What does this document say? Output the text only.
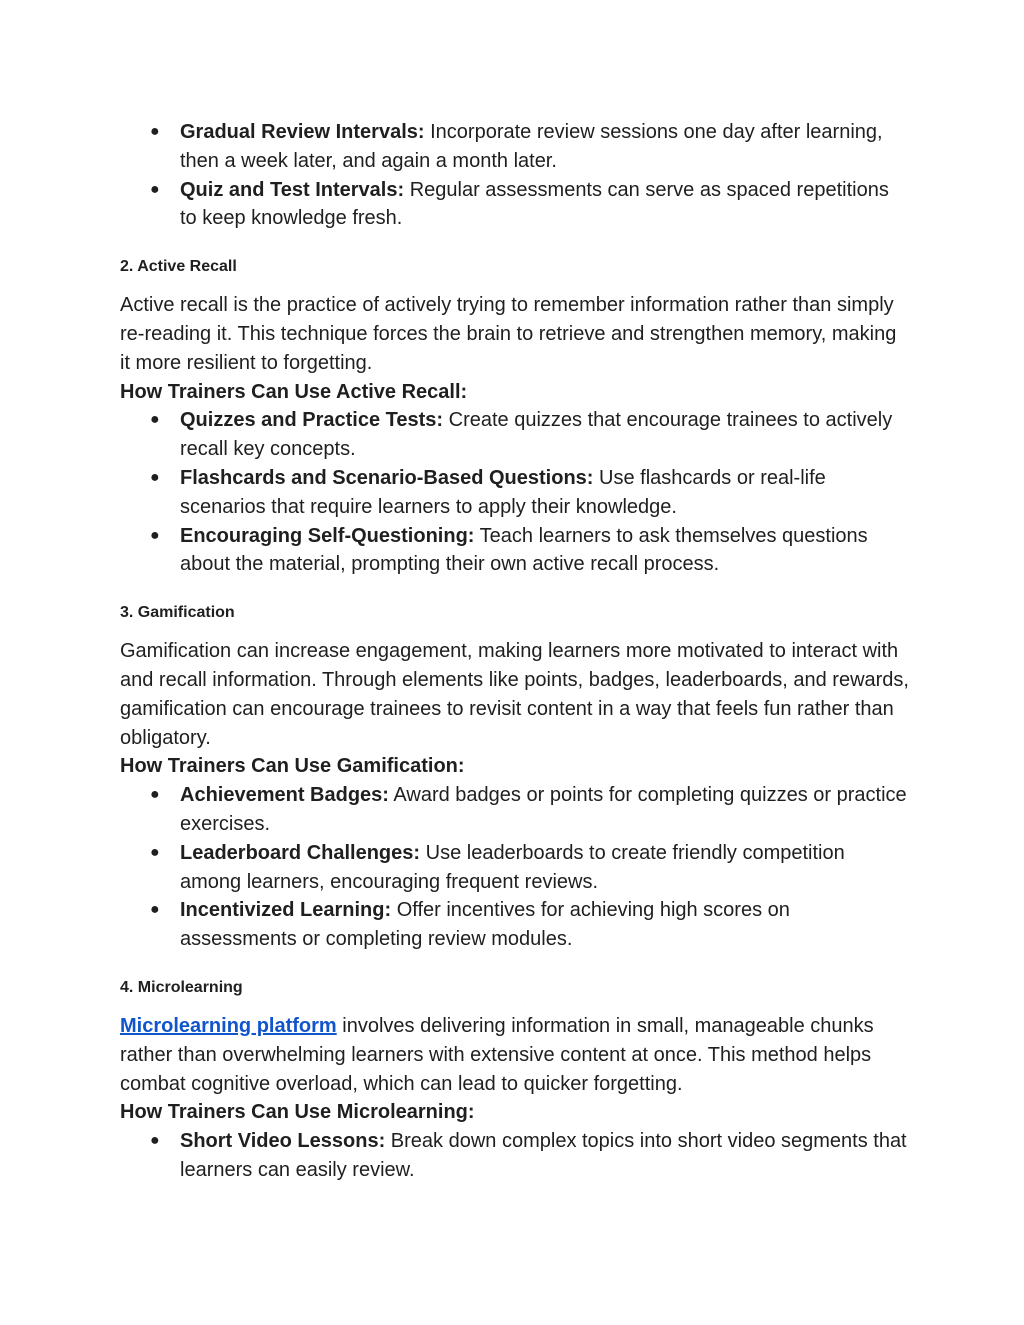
● Gradual Review Intervals: Incorporate review sessions one day after learning, then a week later, and again a month later.
● Quiz and Test Intervals: Regular assessments can serve as spaced repetitions to keep knowledge fresh.
2. Active Recall

Active recall is the practice of actively trying to remember information rather than simply re-reading it. This technique forces the brain to retrieve and strengthen memory, making it more resilient to forgetting.

How Trainers Can Use Active Recall:

● Quizzes and Practice Tests: Create quizzes that encourage trainees to actively recall key concepts.
● Flashcards and Scenario-Based Questions: Use flashcards or real-life scenarios that require learners to apply their knowledge.
● Encouraging Self-Questioning: Teach learners to ask themselves questions about the material, prompting their own active recall process.
3. Gamification

Gamification can increase engagement, making learners more motivated to interact with and recall information. Through elements like points, badges, leaderboards, and rewards, gamification can encourage trainees to revisit content in a way that feels fun rather than obligatory.

How Trainers Can Use Gamification:

● Achievement Badges: Award badges or points for completing quizzes or practice exercises.
● Leaderboard Challenges: Use leaderboards to create friendly competition among learners, encouraging frequent reviews.
● Incentivized Learning: Offer incentives for achieving high scores on assessments or completing review modules.
4. Microlearning

Microlearning platform involves delivering information in small, manageable chunks rather than overwhelming learners with extensive content at once. This method helps combat cognitive overload, which can lead to quicker forgetting.

How Trainers Can Use Microlearning:

● Short Video Lessons: Break down complex topics into short video segments that learners can easily review.
